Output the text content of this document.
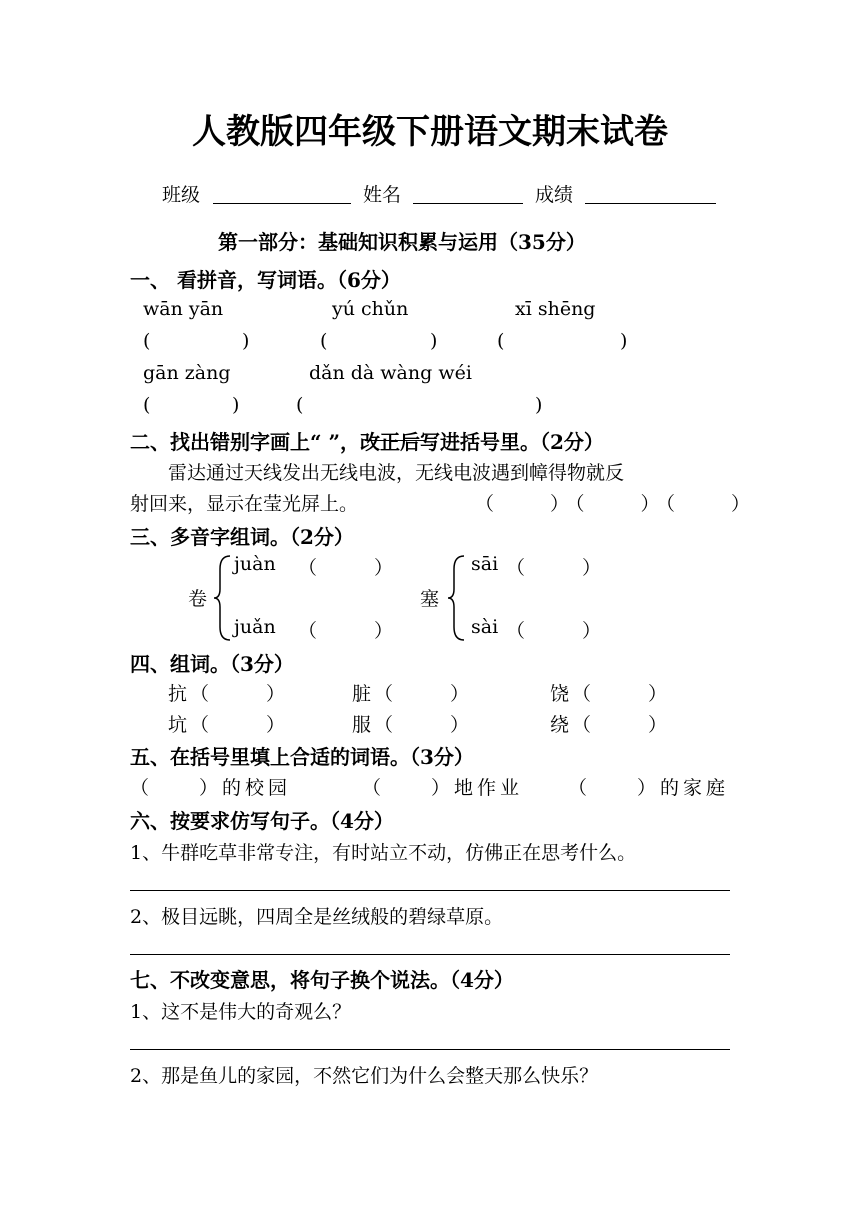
人教版四年级下册语文期末试卷
班级	姓名	成绩
第一部分：基础知识积累与运用（35分）
一、 看拼音，写词语。（6分）
wān yān	yú chǔn	xī shēng
(	)	(	)	(	)
gān zàng	dǎn dà wàng wéi
(	)	(	)
二、找出错别字画上“ ”，改正后写进括号里。（2分）
雷达通过天线发出无线电波，无线电波遇到幛得物就反
射回来，显示在莹光屏上。	（　　）（　　）（　　）
三、多音字组词。（2分）
卷
juàn （　　　）
juǎn （　　　）
塞
sāi （　　　）
sài （　　　）
四、组词。（3分）
抗 （　　　）	脏 （　　　）	饶 （　　　）
坑 （　　　）	服 （　　　）	绕 （　　　）
五、在括号里填上合适的词语。（3分）
（　　）的校园	（　　）地作业 （　　）的家庭
六、按要求仿写句子。（4分）
1、牛群吃草非常专注，有时站立不动，仿佛正在思考什么。
2、极目远眺，四周全是丝绒般的碧绿草原。
七、不改变意思，将句子换个说法。（4分）
1、这不是伟大的奇观么？
2、那是鱼儿的家园，不然它们为什么会整天那么快乐？
